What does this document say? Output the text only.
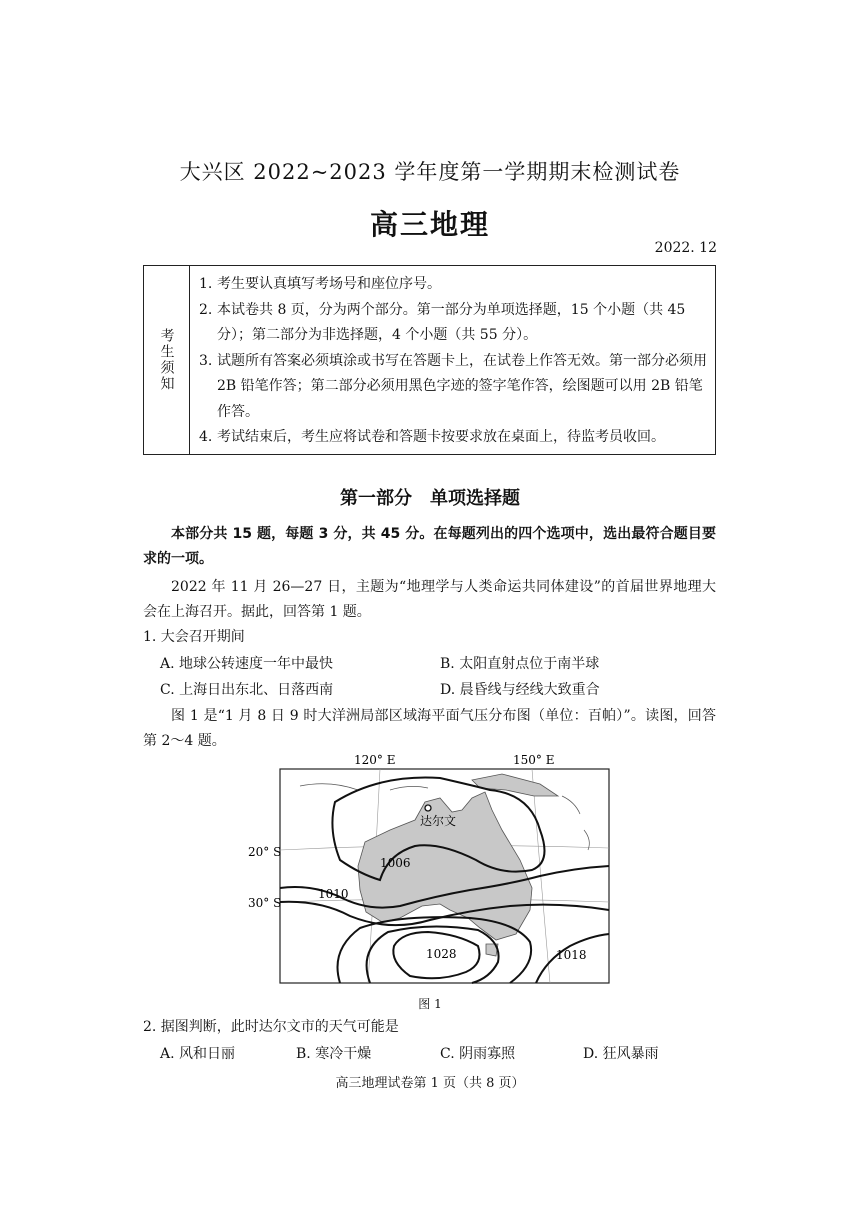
大兴区 2022~2023 学年度第一学期期末检测试卷
高三地理
2022. 12
考生须知
1. 考生要认真填写考场号和座位序号。
2. 本试卷共 8 页，分为两个部分。第一部分为单项选择题，15 个小题（共 45 分）；第二部分为非选择题，4 个小题（共 55 分）。
3. 试题所有答案必须填涂或书写在答题卡上，在试卷上作答无效。第一部分必须用 2B 铅笔作答；第二部分必须用黑色字迹的签字笔作答，绘图题可以用 2B 铅笔作答。
4. 考试结束后，考生应将试卷和答题卡按要求放在桌面上，待监考员收回。
第一部分　单项选择题
本部分共 15 题，每题 3 分，共 45 分。在每题列出的四个选项中，选出最符合题目要求的一项。
2022 年 11 月 26—27 日，主题为“地理学与人类命运共同体建设”的首届世界地理大会在上海召开。据此，回答第 1 题。
1. 大会召开期间
A. 地球公转速度一年中最快	B. 太阳直射点位于南半球
C. 上海日出东北、日落西南	D. 晨昏线与经线大致重合
图 1 是“1 月 8 日 9 时大洋洲局部区域海平面气压分布图（单位：百帕）”。读图，回答第 2～4 题。
达尔文
1006
1010
1028	1018
120° E	150° E
20° S
30° S
图 1
2. 据图判断，此时达尔文市的天气可能是
A. 风和日丽	B. 寒冷干燥	C. 阴雨寡照	D. 狂风暴雨
高三地理试卷第 1 页（共 8 页）
